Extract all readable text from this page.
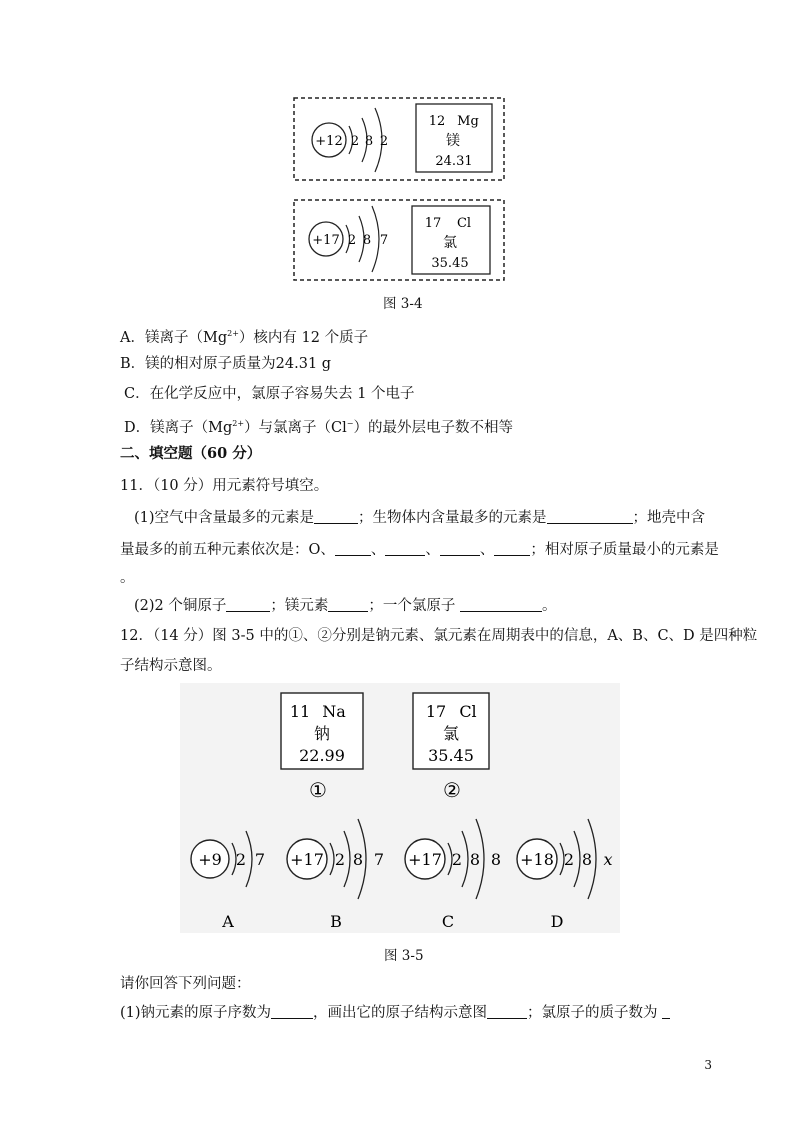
+12 2 8 2
12 Mg
镁
24.31
+17 2 8 7
17 Cl
氯
35.45
图 3-4
A．镁离子$(Mg^{2+})$核内有 12 个质子
B．镁的相对原子质量为24.31 g
C．在化学反应中，氯原子容易失去 1 个电子
D．镁离子$(Mg^{2+})$与氯离子（Cl−）的最外层电子数不相等
二、填空题（60 分）
11．（10 分）用元素符号填空。
(1)空气中含量最多的元素是	；生物体内含量最多的元素是	；地壳中含
量最多的前五种元素依次是：O、 、	、	、 ；相对原子质量最小的元素是
。
(2)2 个铜原子	；镁元素	；一个氯原子	。
12．（14 分）图 3-5 中的①、②分别是钠元素、氯元素在周期表中的信息，A、B、C、D 是四种粒
子结构示意图。
11 Na
钠
22.99
①
17 Cl
氯
35.45
②
+9 2 7
A
+17 2 8 7
B
+17 2 8 8
C
+18 2 8 x
D
图 3-5
请你回答下列问题：
(1)钠元素的原子序数为	，画出它的原子结构示意图	；氯原子的质子数为
3
